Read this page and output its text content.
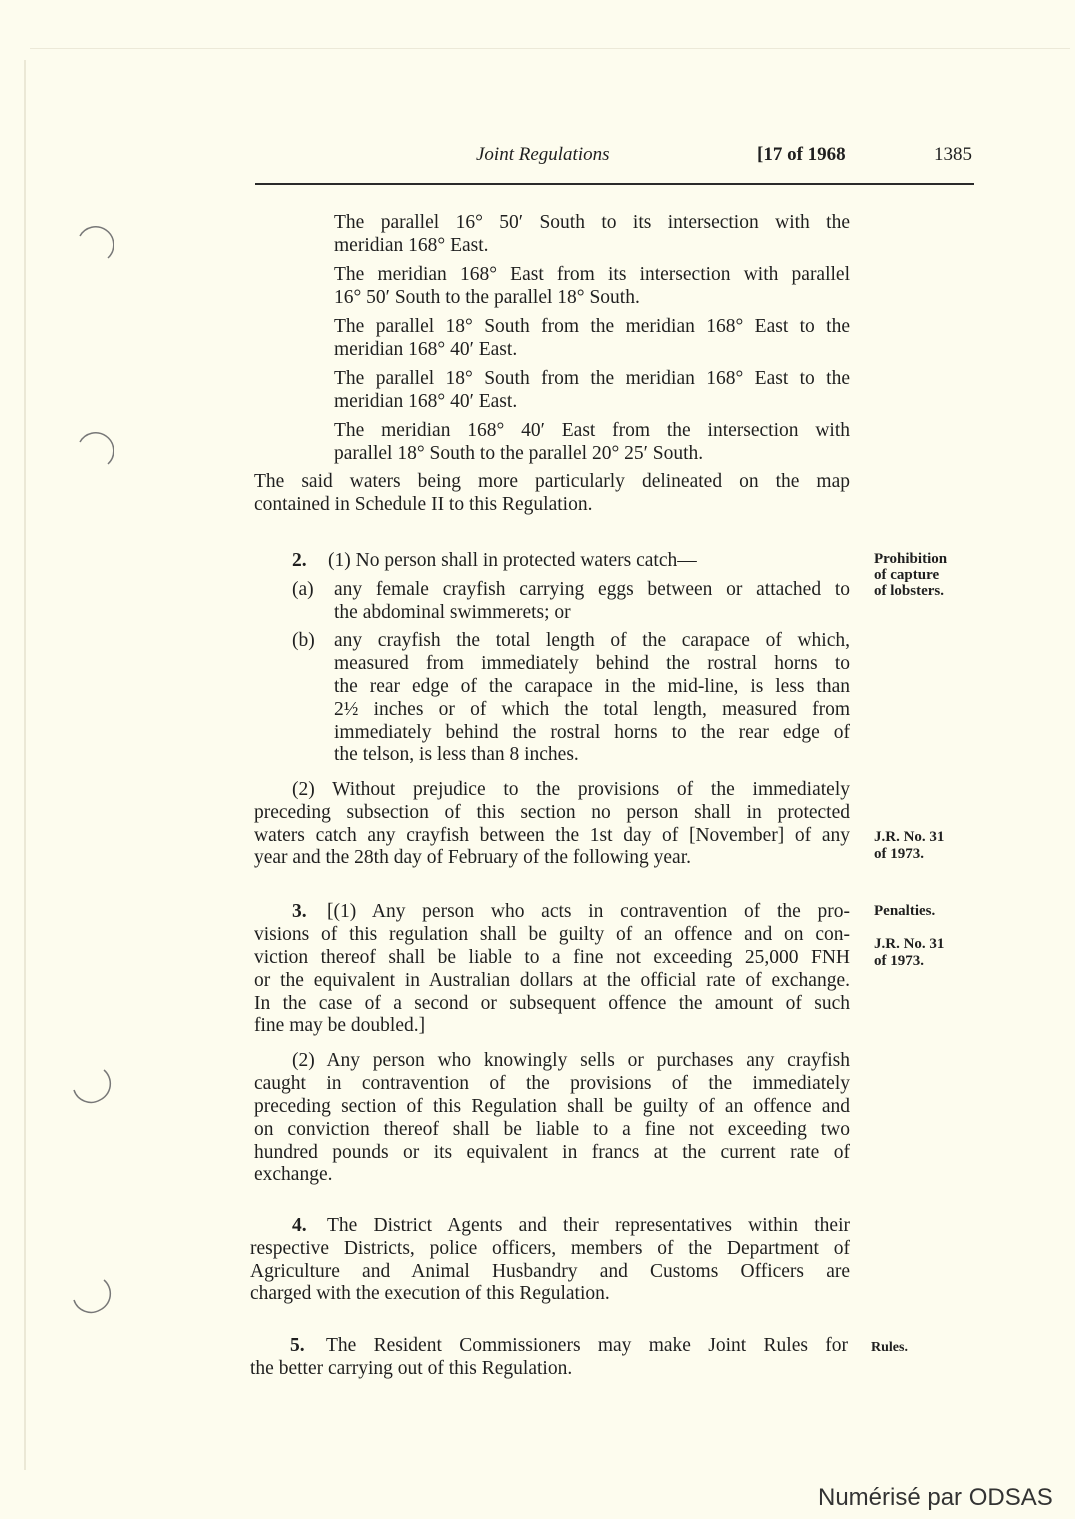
Joint Regulations	[17 of 1968	1385
The parallel 16° 50′ South to its intersection with the
meridian 168° East.
The meridian 168° East from its intersection with parallel
16° 50′ South to the parallel 18° South.
The parallel 18° South from the meridian 168° East to the
meridian 168° 40′ East.
The parallel 18° South from the meridian 168° East to the
meridian 168° 40′ East.
The meridian 168° 40′ East from the intersection with
parallel 18° South to the parallel 20° 25′ South.
The said waters being more particularly delineated on the map
contained in Schedule II to this Regulation.
2. (1) No person shall in protected waters catch—
(a) any female crayfish carrying eggs between or attached to
the abdominal swimmerets; or
(b) any crayfish the total length of the carapace of which,
measured from immediately behind the rostral horns to
the rear edge of the carapace in the mid-line, is less than
2½ inches or of which the total length, measured from
immediately behind the rostral horns to the rear edge of
the telson, is less than 8 inches.
(2) Without prejudice to the provisions of the immediately
preceding subsection of this section no person shall in protected
waters catch any crayfish between the 1st day of [November] of any
year and the 28th day of February of the following year.
3. [(1) Any person who acts in contravention of the pro-
visions of this regulation shall be guilty of an offence and on con-
viction thereof shall be liable to a fine not exceeding 25,000 FNH
or the equivalent in Australian dollars at the official rate of exchange.
In the case of a second or subsequent offence the amount of such
fine may be doubled.]
(2) Any person who knowingly sells or purchases any crayfish
caught in contravention of the provisions of the immediately
preceding section of this Regulation shall be guilty of an offence and
on conviction thereof shall be liable to a fine not exceeding two
hundred pounds or its equivalent in francs at the current rate of
exchange.
4. The District Agents and their representatives within their
respective Districts, police officers, members of the Department of
Agriculture and Animal Husbandry and Customs Officers are
charged with the execution of this Regulation.
5. The Resident Commissioners may make Joint Rules for
the better carrying out of this Regulation.
Prohibition
of capture
of lobsters.
J.R. No. 31
of 1973.
Penalties.
J.R. No. 31
of 1973.
Rules.
Numérisé par ODSAS
